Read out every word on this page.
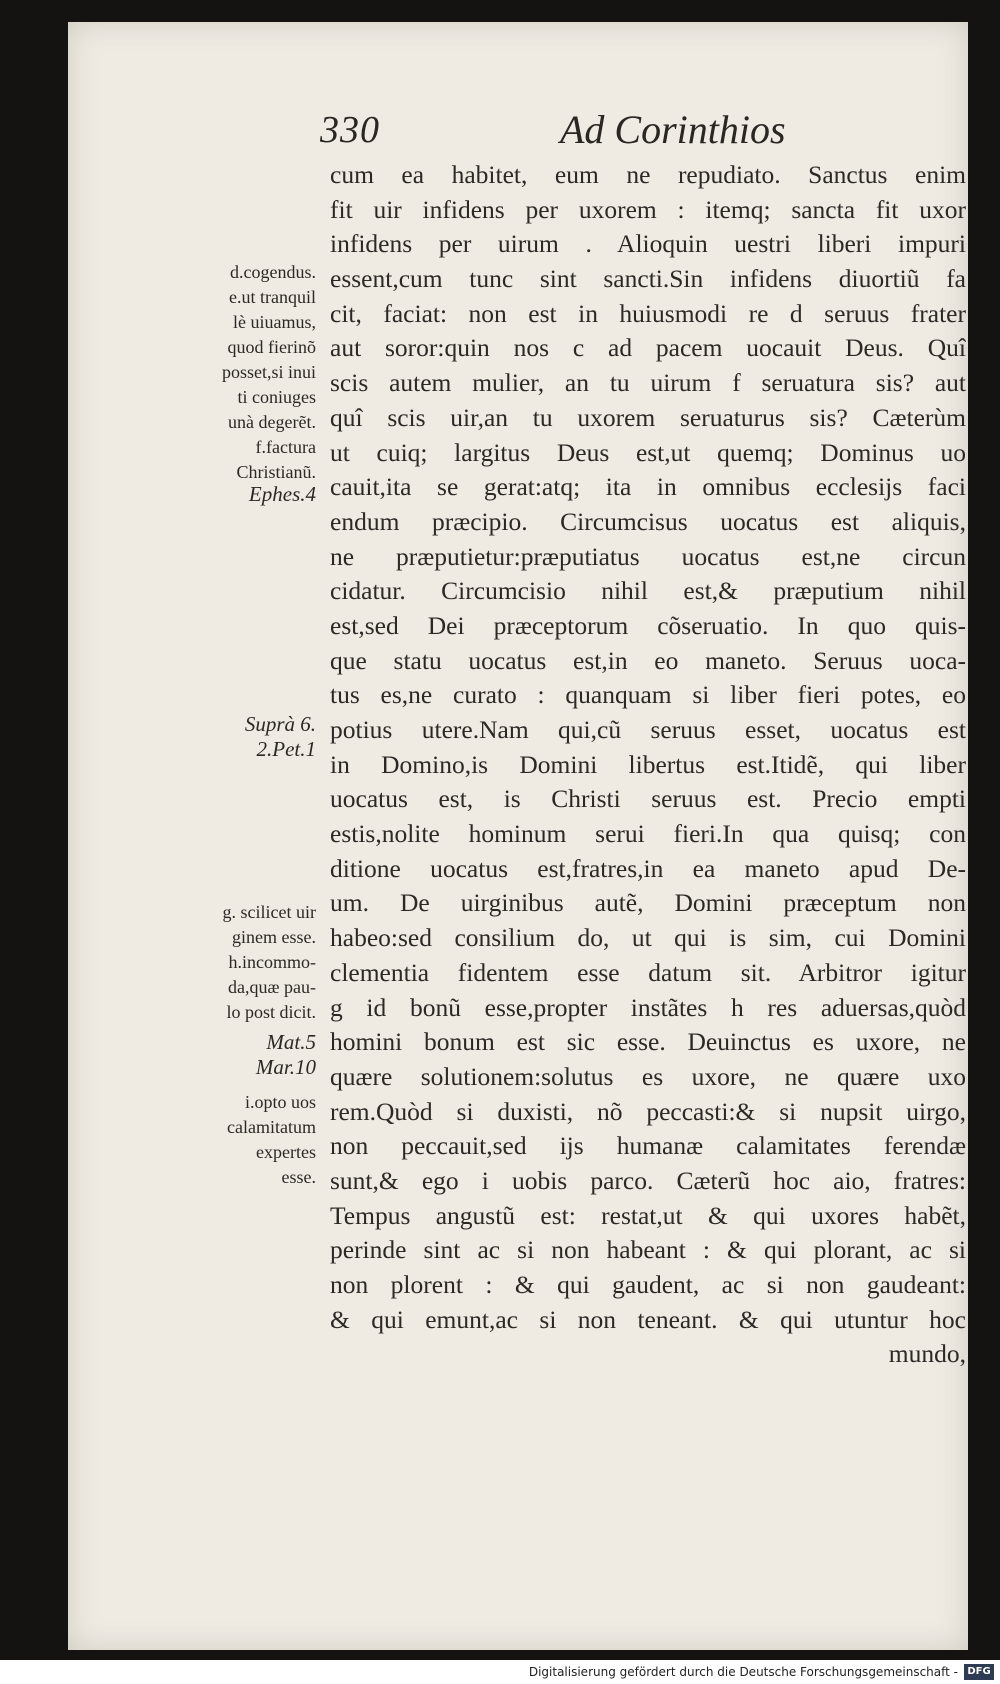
330	Ad Corinthios
cum ea habitet, eum ne repudiato. Sanctus enim
fit uir infidens per uxorem : itemq; sancta fit uxor
infidens per uirum . Alioquin uestri liberi impuri
essent,cum tunc sint sancti.Sin infidens diuortiũ fa
cit, faciat: non est in huiusmodi re d seruus frater
aut soror:quin nos c ad pacem uocauit Deus. Quî
scis autem mulier, an tu uirum f seruatura sis? aut
quî scis uir,an tu uxorem seruaturus sis? Cæterùm
ut cuiq; largitus Deus est,ut quemq; Dominus uo
cauit,ita se gerat:atq; ita in omnibus ecclesijs faci
endum præcipio. Circumcisus uocatus est aliquis,
ne præputietur:præputiatus uocatus est,ne circun
cidatur. Circumcisio nihil est,& præputium nihil
est,sed Dei præceptorum cõseruatio. In quo quis-
que statu uocatus est,in eo maneto. Seruus uoca-
tus es,ne curato : quanquam si liber fieri potes, eo
potius utere.Nam qui,cũ seruus esset, uocatus est
in Domino,is Domini libertus est.Itidẽ, qui liber
uocatus est, is Christi seruus est. Precio empti
estis,nolite hominum serui fieri.In qua quisq; con
ditione uocatus est,fratres,in ea maneto apud De-
um. De uirginibus autẽ, Domini præceptum non
habeo:sed consilium do, ut qui is sim, cui Domini
clementia fidentem esse datum sit. Arbitror igitur
g id bonũ esse,propter instãtes h res aduersas,quòd
homini bonum est sic esse. Deuinctus es uxore, ne
quære solutionem:solutus es uxore, ne quære uxo
rem.Quòd si duxisti, nõ peccasti:& si nupsit uirgo,
non peccauit,sed ijs humanæ calamitates ferendæ
sunt,& ego i uobis parco. Cæterũ hoc aio, fratres:
Tempus angustũ est: restat,ut & qui uxores habẽt,
perinde sint ac si non habeant : & qui plorant, ac si
non plorent : & qui gaudent, ac si non gaudeant:
& qui emunt,ac si non teneant. & qui utuntur hoc
mundo,
d.cogendus.
e.ut tranquil
lè uiuamus,
quod fierinõ
posset,si inui
ti coniuges
unà degerẽt.
f.factura
Christianũ.
Ephes.4
Suprà 6.
2.Pet.1
g. scilicet uir
ginem esse.
h.incommo-
da,quæ pau-
lo post dicit.
Mat.5
Mar.10
i.opto uos
calamitatum
expertes
esse.
Digitalisierung gefördert durch die Deutsche Forschungsgemeinschaft - DFG
